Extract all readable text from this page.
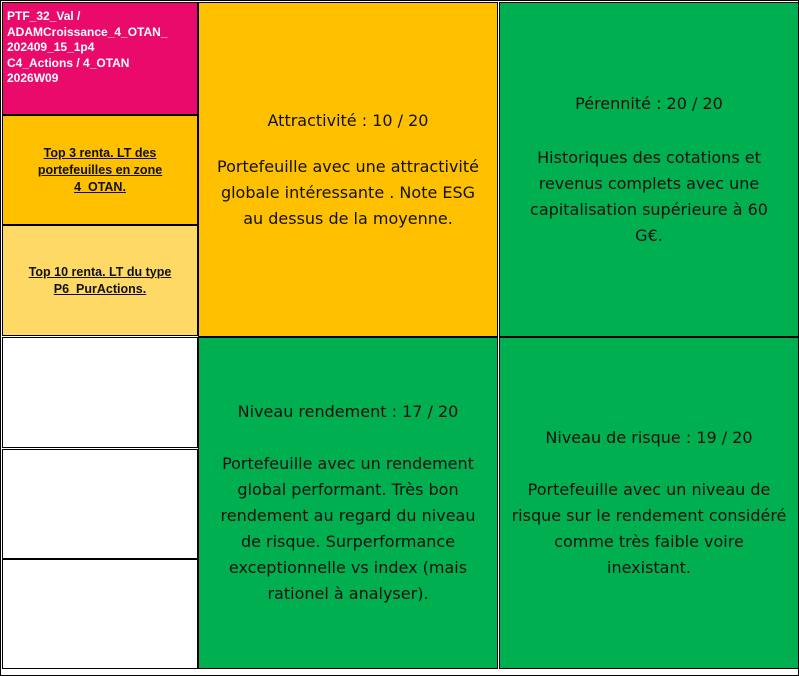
PTF_32_Val /
ADAMCroissance_4_OTAN_
202409_15_1p4
C4_Actions / 4_OTAN
2026W09
Top 3 renta. LT des portefeuilles en zone 4_OTAN.
Top 10 renta. LT du type P6_PurActions.
Attractivité : 10 / 20
Portefeuille avec une attractivité globale intéressante . Note ESG au dessus de la moyenne.
Pérennité : 20 / 20
Historiques des cotations et revenus complets avec une capitalisation supérieure à 60 G€.
Niveau rendement : 17 / 20
Portefeuille avec un rendement global performant. Très bon rendement au regard du niveau de risque. Surperformance exceptionnelle vs index (mais rationel à analyser).
Niveau de risque : 19 / 20
Portefeuille avec un niveau de risque sur le rendement considéré comme très faible voire inexistant.
